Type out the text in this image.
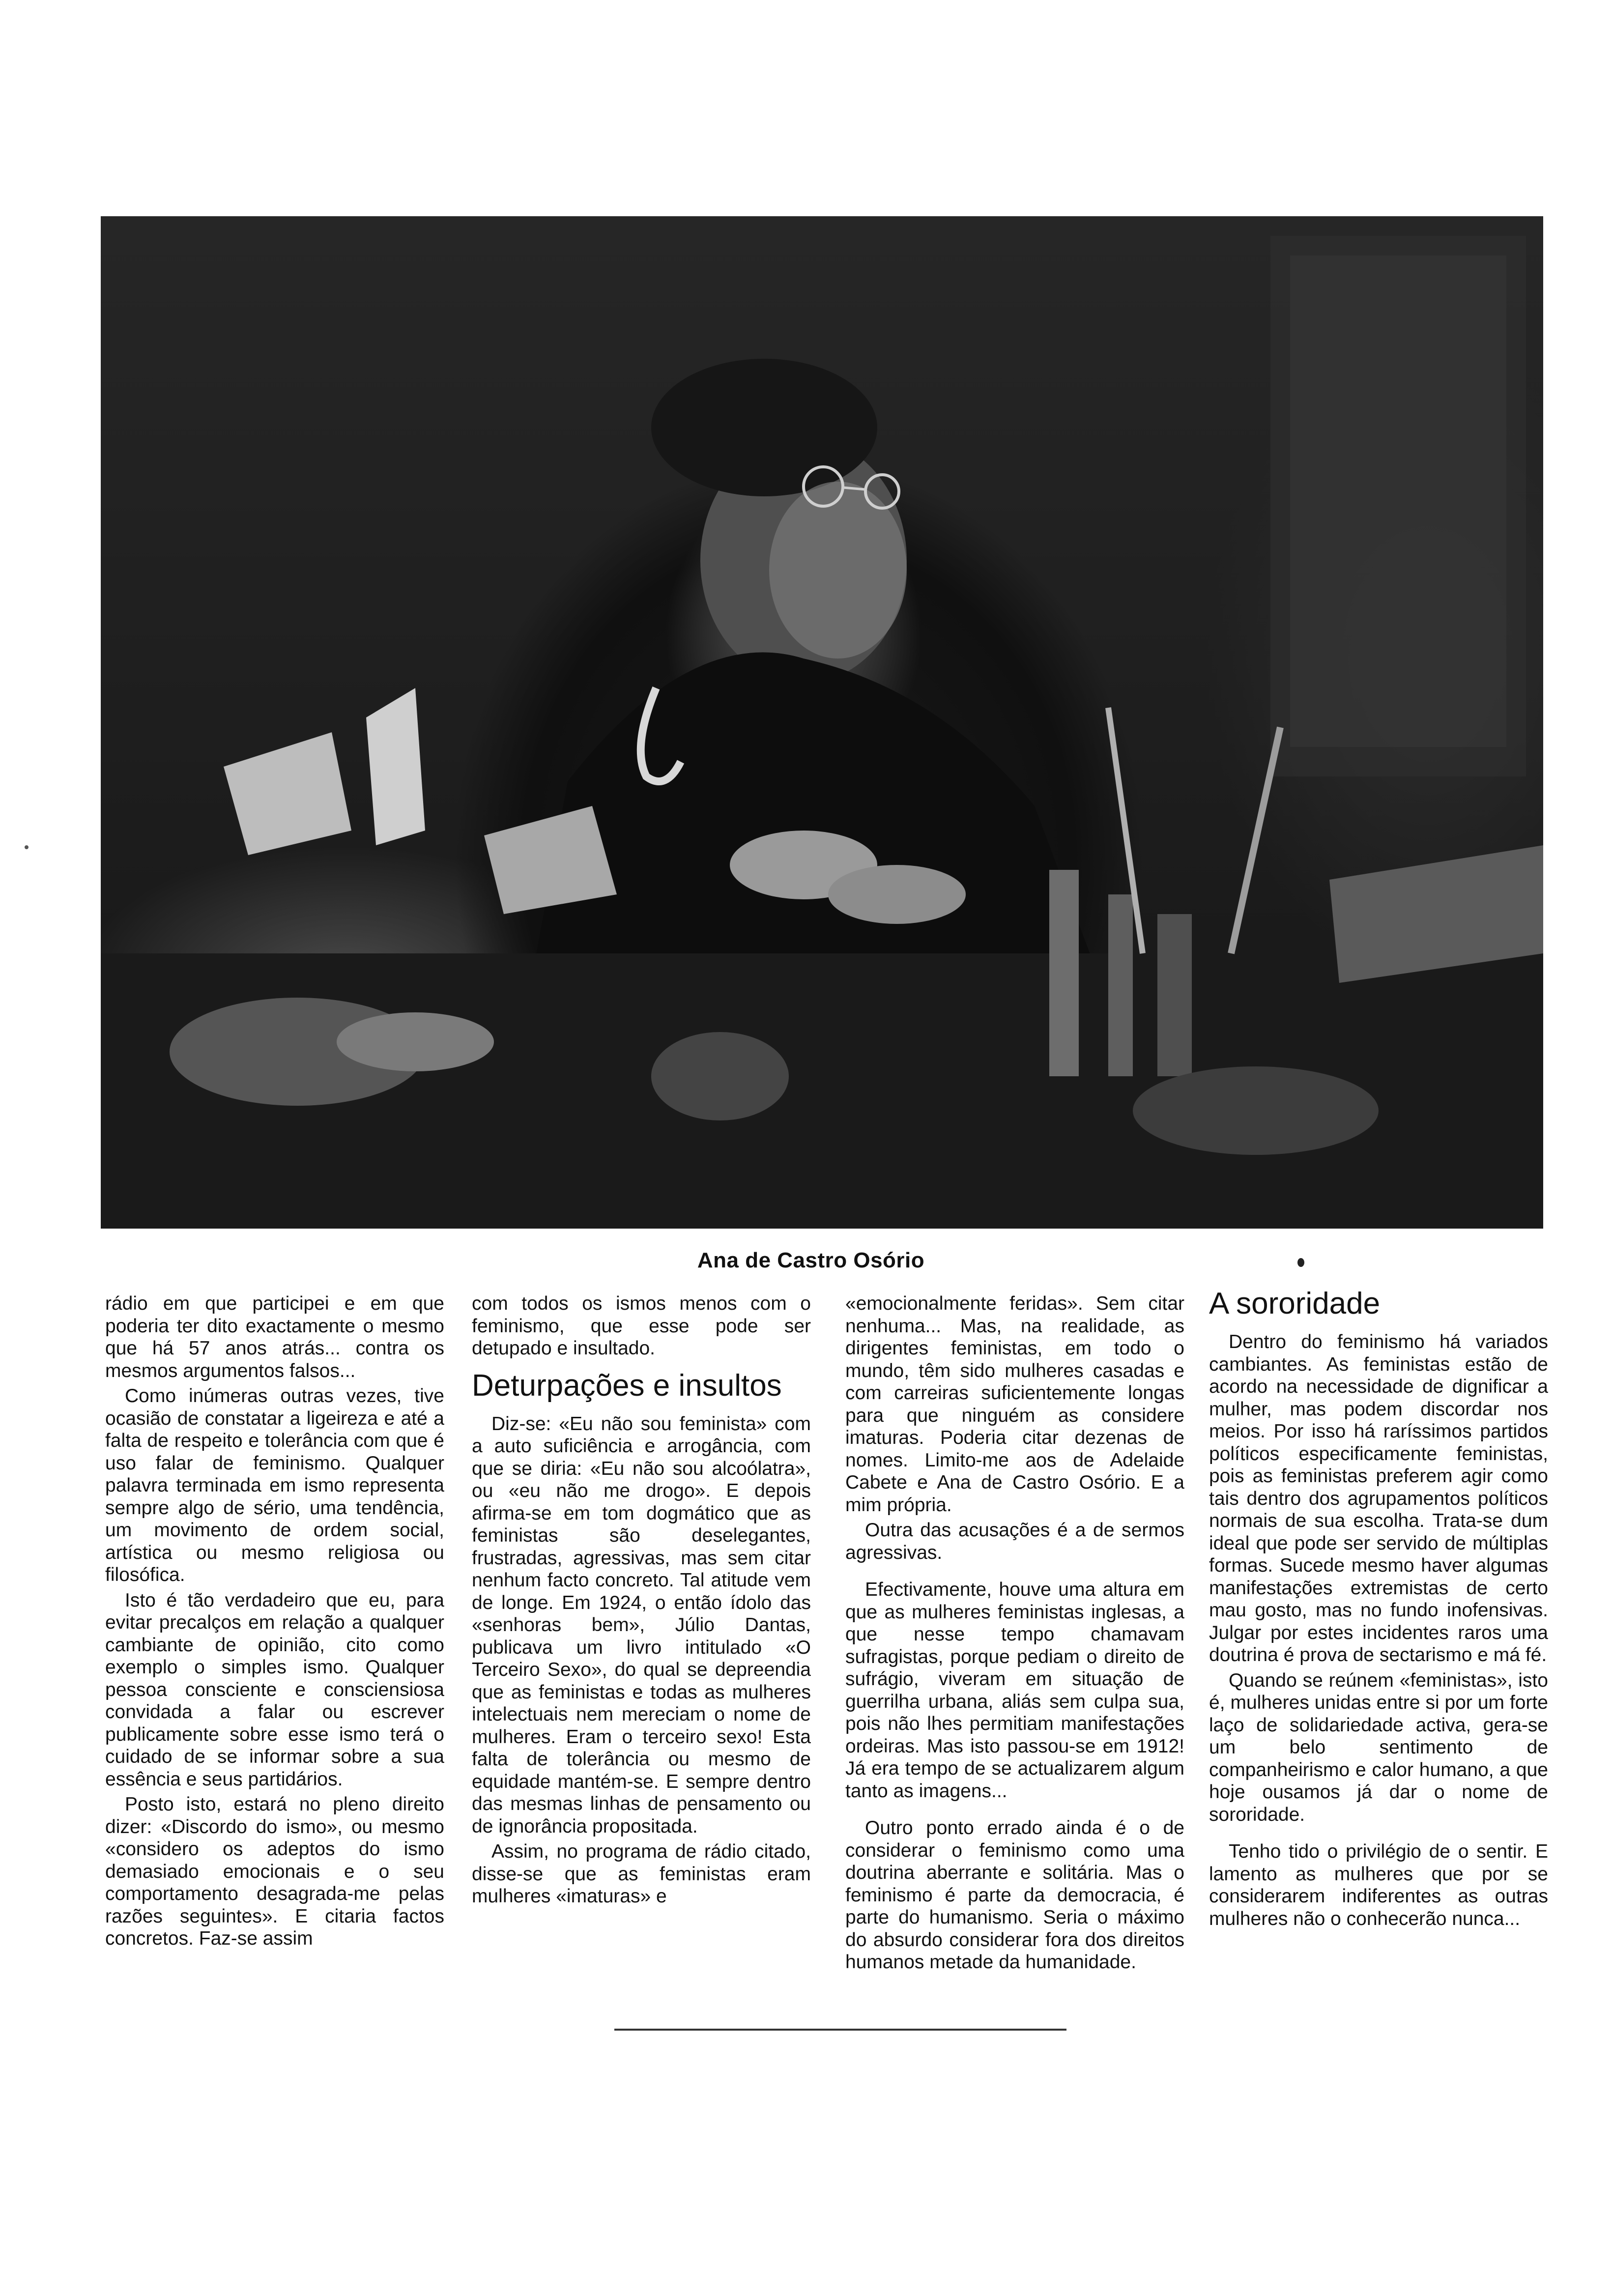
Ana de Castro Osório

rádio em que participei e em que poderia ter dito exactamente o mesmo que há 57 anos atrás... contra os mesmos argumentos falsos...

Como inúmeras outras vezes, tive ocasião de constatar a ligeireza e até a falta de respeito e tolerância com que é uso falar de feminismo. Qualquer palavra terminada em ismo representa sempre algo de sério, uma tendência, um movimento de ordem social, artística ou mesmo religiosa ou filosófica.

Isto é tão verdadeiro que eu, para evitar precalços em relação a qualquer cambiante de opinião, cito como exemplo o simples ismo. Qualquer pessoa consciente e consciensiosa convidada a falar ou escrever publicamente sobre esse ismo terá o cuidado de se informar sobre a sua essência e seus partidários.

Posto isto, estará no pleno direito dizer: «Discordo do ismo», ou mesmo «considero os adeptos do ismo demasiado emocionais e o seu comportamento desagrada-me pelas razões seguintes». E citaria factos concretos. Faz-se assim

com todos os ismos menos com o feminismo, que esse pode ser detupado e insultado.

Deturpações e insultos

Diz-se: «Eu não sou feminista» com a auto suficiência e arrogância, com que se diria: «Eu não sou alcoólatra», ou «eu não me drogo». E depois afirma-se em tom dogmático que as feministas são deselegantes, frustradas, agressivas, mas sem citar nenhum facto concreto. Tal atitude vem de longe. Em 1924, o então ídolo das «senhoras bem», Júlio Dantas, publicava um livro intitulado «O Terceiro Sexo», do qual se depreendia que as feministas e todas as mulheres intelectuais nem mereciam o nome de mulheres. Eram o terceiro sexo! Esta falta de tolerância ou mesmo de equidade mantém-se. E sempre dentro das mesmas linhas de pensamento ou de ignorância propositada.

Assim, no programa de rádio citado, disse-se que as feministas eram mulheres «imaturas» e

«emocionalmente feridas». Sem citar nenhuma... Mas, na realidade, as dirigentes feministas, em todo o mundo, têm sido mulheres casadas e com carreiras suficientemente longas para que ninguém as considere imaturas. Poderia citar dezenas de nomes. Limito-me aos de Adelaide Cabete e Ana de Castro Osório. E a mim própria.

Outra das acusações é a de sermos agressivas.

Efectivamente, houve uma altura em que as mulheres feministas inglesas, a que nesse tempo chamavam sufragistas, porque pediam o direito de sufrágio, viveram em situação de guerrilha urbana, aliás sem culpa sua, pois não lhes permitiam manifestações ordeiras. Mas isto passou-se em 1912! Já era tempo de se actualizarem algum tanto as imagens...

Outro ponto errado ainda é o de considerar o feminismo como uma doutrina aberrante e solitária. Mas o feminismo é parte da democracia, é parte do humanismo. Seria o máximo do absurdo considerar fora dos direitos humanos metade da humanidade.

A sororidade

Dentro do feminismo há variados cambiantes. As feministas estão de acordo na necessidade de dignificar a mulher, mas podem discordar nos meios. Por isso há raríssimos partidos políticos especificamente feministas, pois as feministas preferem agir como tais dentro dos agrupamentos políticos normais de sua escolha. Trata-se dum ideal que pode ser servido de múltiplas formas. Sucede mesmo haver algumas manifestações extremistas de certo mau gosto, mas no fundo inofensivas. Julgar por estes incidentes raros uma doutrina é prova de sectarismo e má fé.

Quando se reúnem «feministas», isto é, mulheres unidas entre si por um forte laço de solidariedade activa, gera-se um belo sentimento de companheirismo e calor humano, a que hoje ousamos já dar o nome de sororidade.

Tenho tido o privilégio de o sentir. E lamento as mulheres que por se considerarem indiferentes as outras mulheres não o conhecerão nunca...
